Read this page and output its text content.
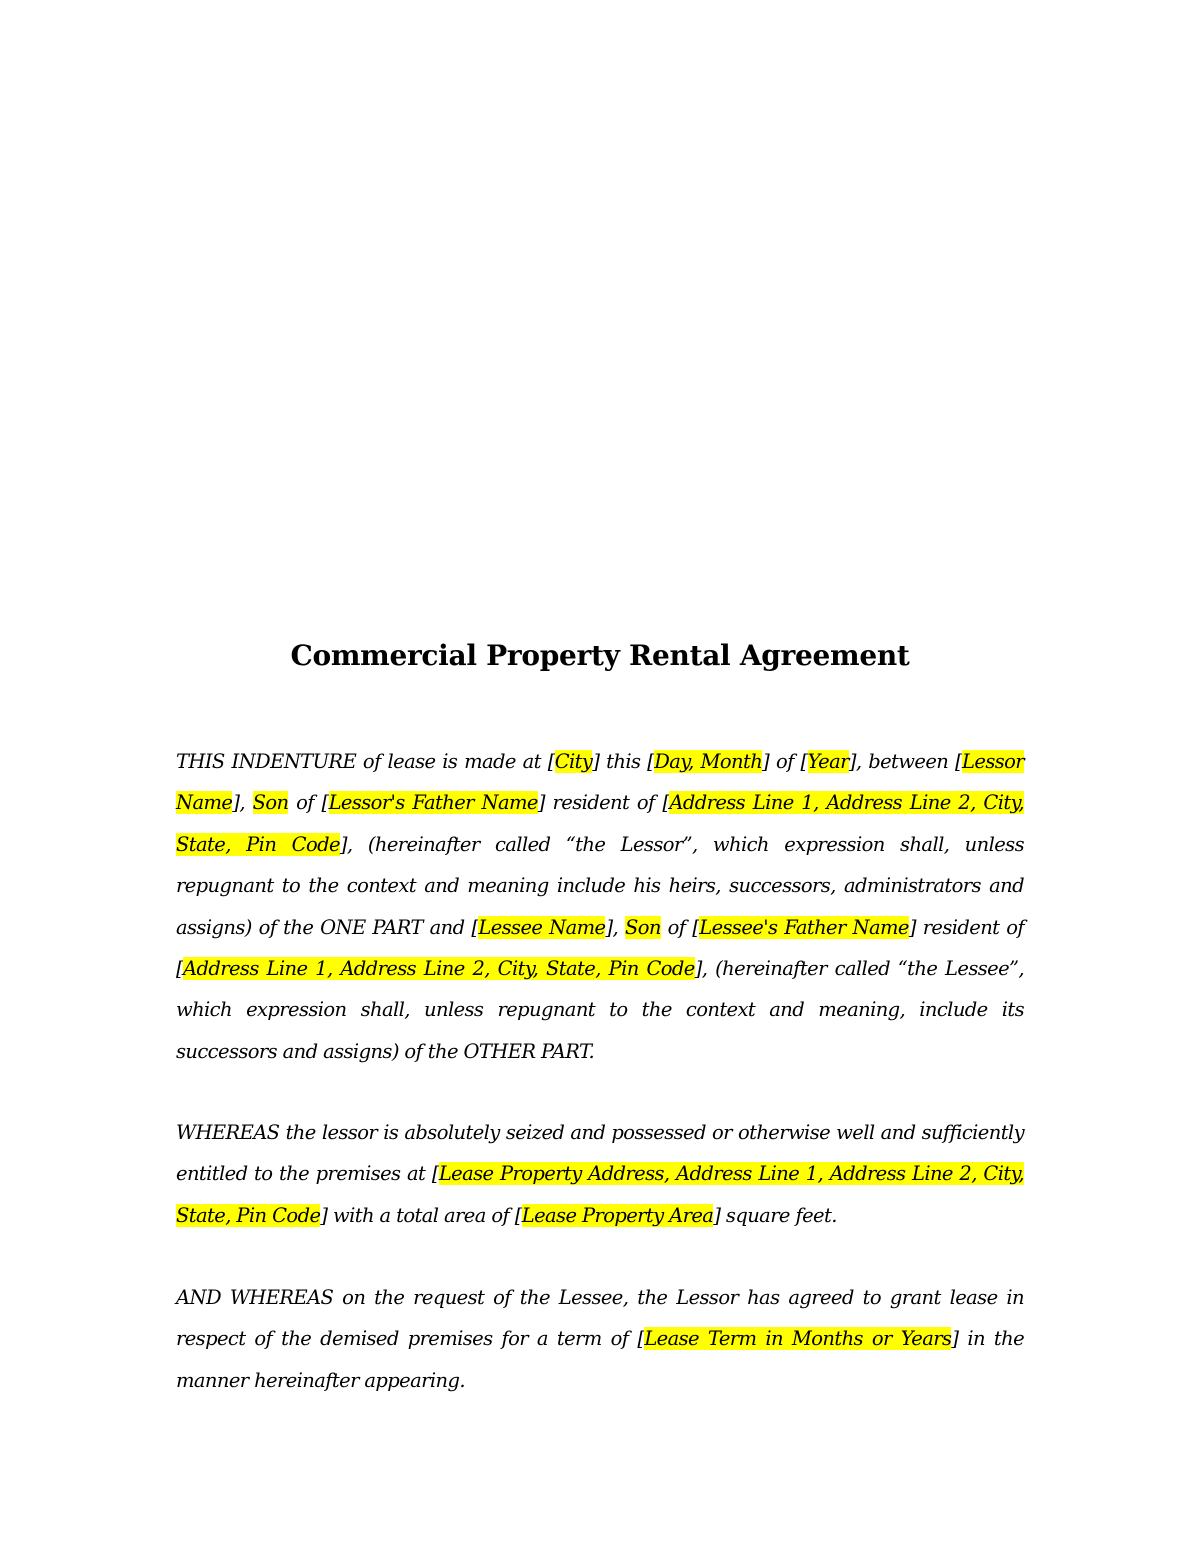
Commercial Property Rental Agreement

THIS INDENTURE of lease is made at [City] this [Day, Month] of [Year], between [Lessor Name], Son of [Lessor's Father Name] resident of [Address Line 1, Address Line 2, City, State, Pin Code], (hereinafter called “the Lessor”, which expression shall, unless repugnant to the context and meaning include his heirs, successors, administrators and assigns) of the ONE PART and [Lessee Name], Son of [Lessee's Father Name] resident of [Address Line 1, Address Line 2, City, State, Pin Code], (hereinafter called “the Lessee”, which expression shall, unless repugnant to the context and meaning, include its successors and assigns) of the OTHER PART.

WHEREAS the lessor is absolutely seized and possessed or otherwise well and sufficiently entitled to the premises at [Lease Property Address, Address Line 1, Address Line 2, City, State, Pin Code] with a total area of [Lease Property Area] square feet.

AND WHEREAS on the request of the Lessee, the Lessor has agreed to grant lease in respect of the demised premises for a term of [Lease Term in Months or Years] in the manner hereinafter appearing.
